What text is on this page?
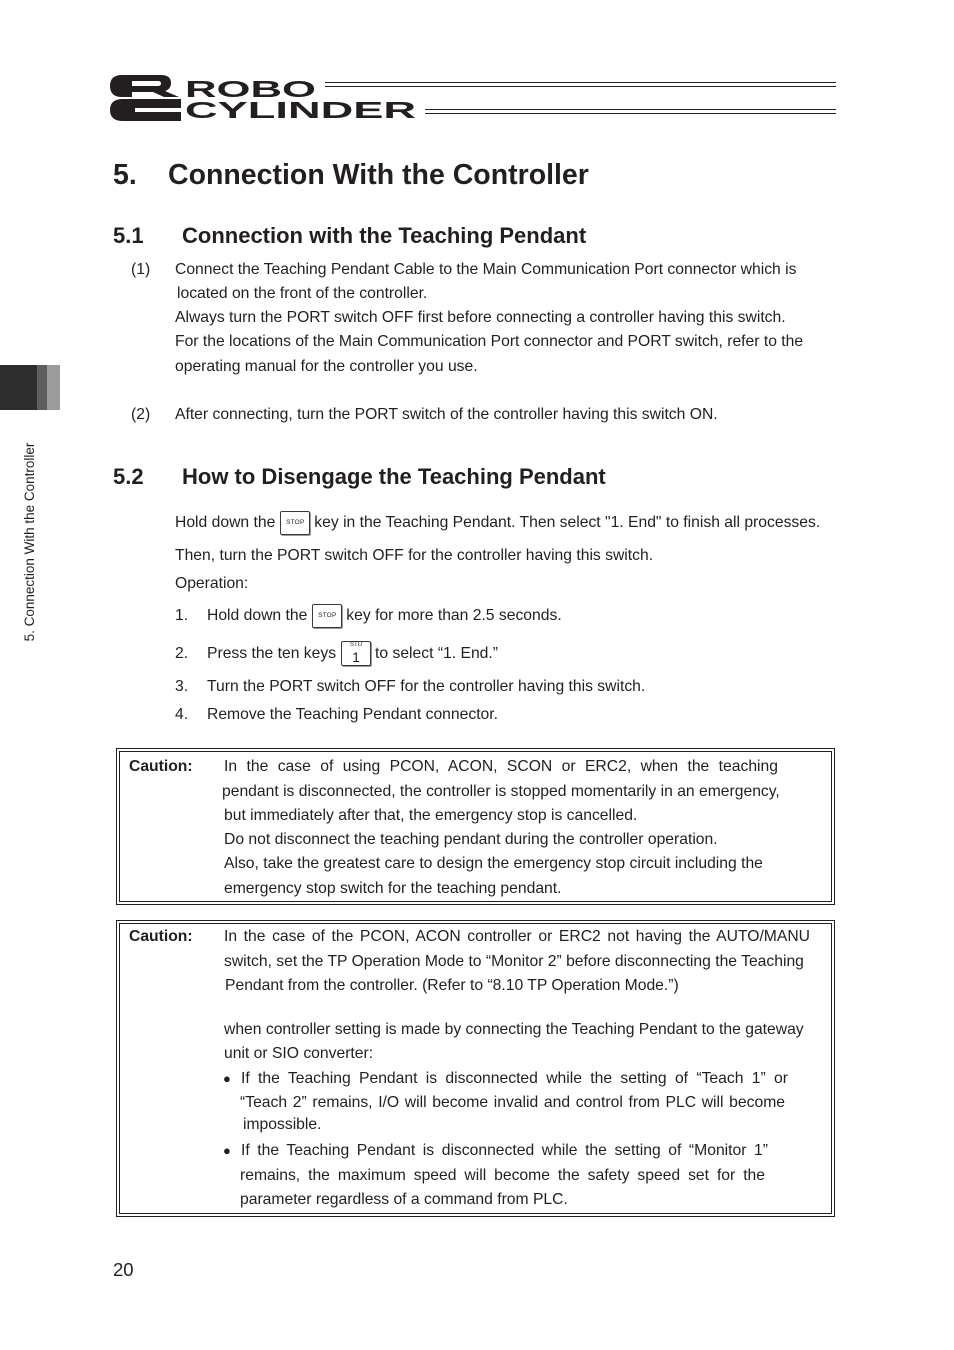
ROBO
CYLINDER
5. Connection With the Controller
5. Connection With the Controller
5.1 Connection with the Teaching Pendant
(1) Connect the Teaching Pendant Cable to the Main Communication Port connector which is
located on the front of the controller.
Always turn the PORT switch OFF first before connecting a controller having this switch.
For the locations of the Main Communication Port connector and PORT switch, refer to the
operating manual for the controller you use.
(2) After connecting, turn the PORT switch of the controller having this switch ON.
5.2 How to Disengage the Teaching Pendant
Hold down the

	STOP

key in the Teaching Pendant. Then select "1. End" to finish all processes.
Then, turn the PORT switch OFF for the controller having this switch.
Operation:
1.	Hold down the

	STOP

key for more than 2.5 seconds.
2.	Press the ten keys

	STU

1

to select “1. End.”
3.	Turn the PORT switch OFF for the controller having this switch.
4.	Remove the Teaching Pendant connector.
Caution: In the case of using PCON, ACON, SCON or ERC2, when the teaching
pendant is disconnected, the controller is stopped momentarily in an emergency,
but immediately after that, the emergency stop is cancelled.
Do not disconnect the teaching pendant during the controller operation.
Also, take the greatest care to design the emergency stop circuit including the
emergency stop switch for the teaching pendant.
Caution: In the case of the PCON, ACON controller or ERC2 not having the AUTO/MANU
switch, set the TP Operation Mode to “Monitor 2” before disconnecting the Teaching
Pendant from the controller. (Refer to “8.10 TP Operation Mode.”)
when controller setting is made by connecting the Teaching Pendant to the gateway
unit or SIO converter:
● If the Teaching Pendant is disconnected while the setting of “Teach 1” or
“Teach 2” remains, I/O will become invalid and control from PLC will become
impossible.
● If the Teaching Pendant is disconnected while the setting of “Monitor 1”
remains, the maximum speed will become the safety speed set for the
parameter regardless of a command from PLC.
20
